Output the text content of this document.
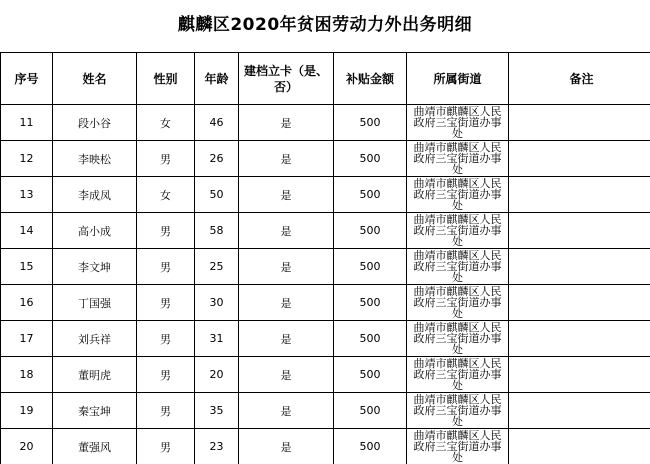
麒麟区2020年贫困劳动力外出务明细
序号	姓名	性别	年龄	建档立卡（是、否）	补贴金额	所属街道	备注
11	段小谷	女	46	是	500	曲靖市麒麟区人民政府三宝街道办事处	

12	李映松	男	26	是	500	曲靖市麒麟区人民政府三宝街道办事处	

13	李成凤	女	50	是	500	曲靖市麒麟区人民政府三宝街道办事处	

14	高小成	男	58	是	500	曲靖市麒麟区人民政府三宝街道办事处	

15	李文坤	男	25	是	500	曲靖市麒麟区人民政府三宝街道办事处	

16	丁国强	男	30	是	500	曲靖市麒麟区人民政府三宝街道办事处	

17	刘兵祥	男	31	是	500	曲靖市麒麟区人民政府三宝街道办事处	

18	董明虎	男	20	是	500	曲靖市麒麟区人民政府三宝街道办事处	

19	秦宝坤	男	35	是	500	曲靖市麒麟区人民政府三宝街道办事处	

20	董强风	男	23	是	500	曲靖市麒麟区人民政府三宝街道办事处	
